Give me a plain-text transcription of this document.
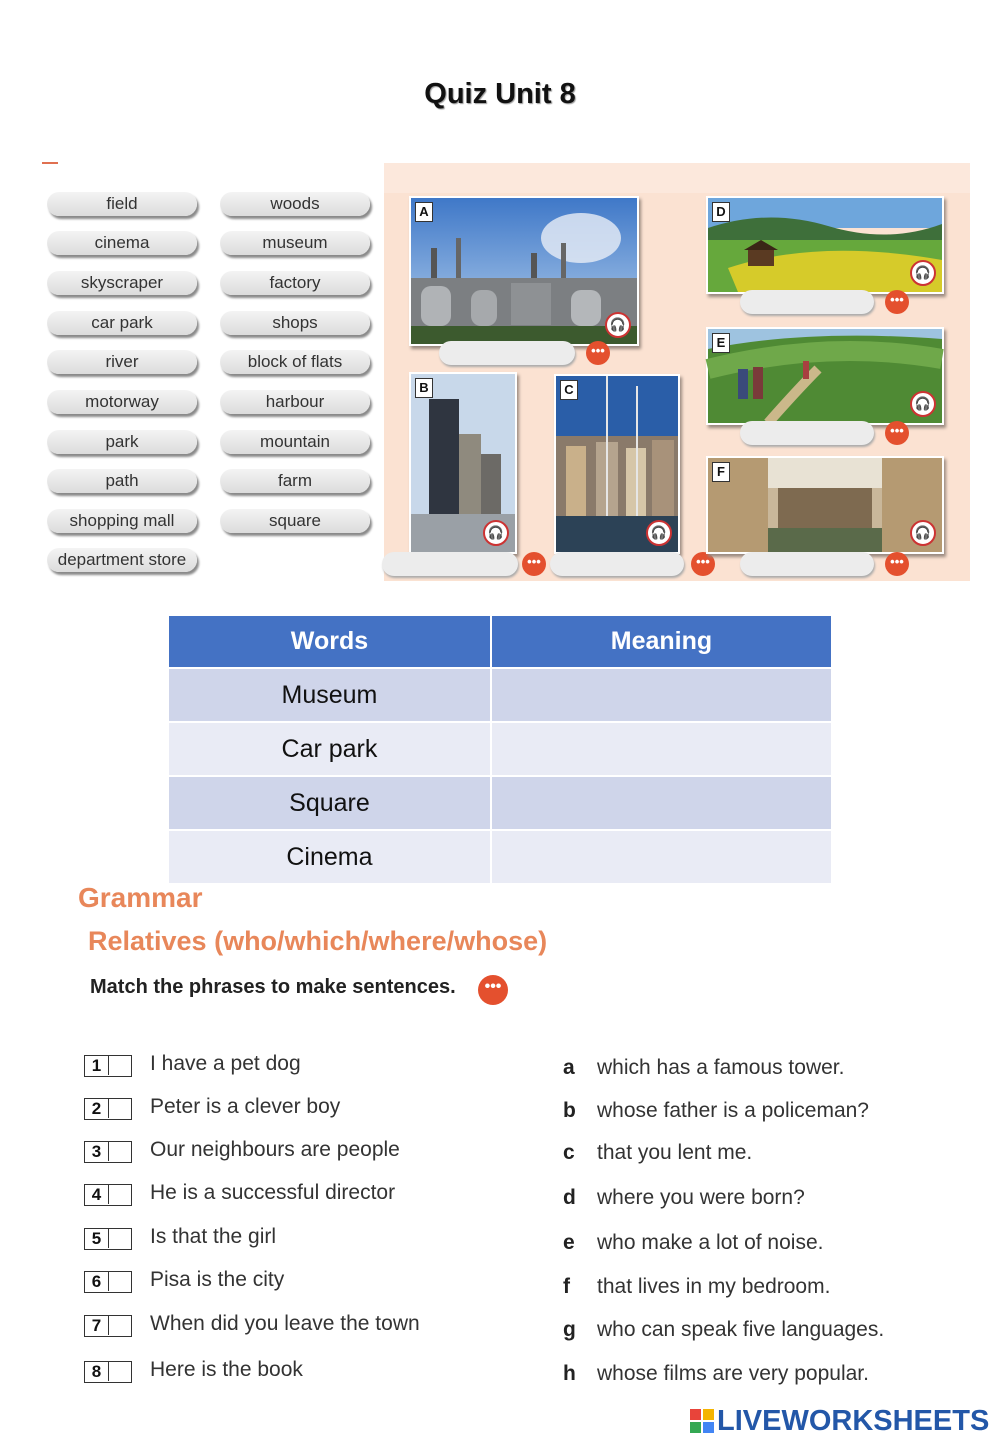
Quiz Unit 8
field
cinema
skyscraper
car park
river
motorway
park
path
shopping mall
department store
woods
museum
factory
shops
block of flats
harbour
mountain
farm
square
A
🎧
•••
D
🎧
•••
E
🎧
•••
B
🎧
•••
C
🎧
•••
F
🎧
•••
Words	Meaning
Museum	
Car park	
Square	
Cinema	
Grammar
Relatives (who/which/where/whose)
Match the phrases to make sentences.	•••
1	I have a pet dog
2	Peter is a clever boy
3	Our neighbours are people
4	He is a successful director
5	Is that the girl
6	Pisa is the city
7	When did you leave the town
8	Here is the book
a which has a famous tower.
b whose father is a policeman?
c that you lent me.
d where you were born?
e who make a lot of noise.
f that lives in my bedroom.
g who can speak five languages.
h whose films are very popular.
LIVEWORKSHEETS
